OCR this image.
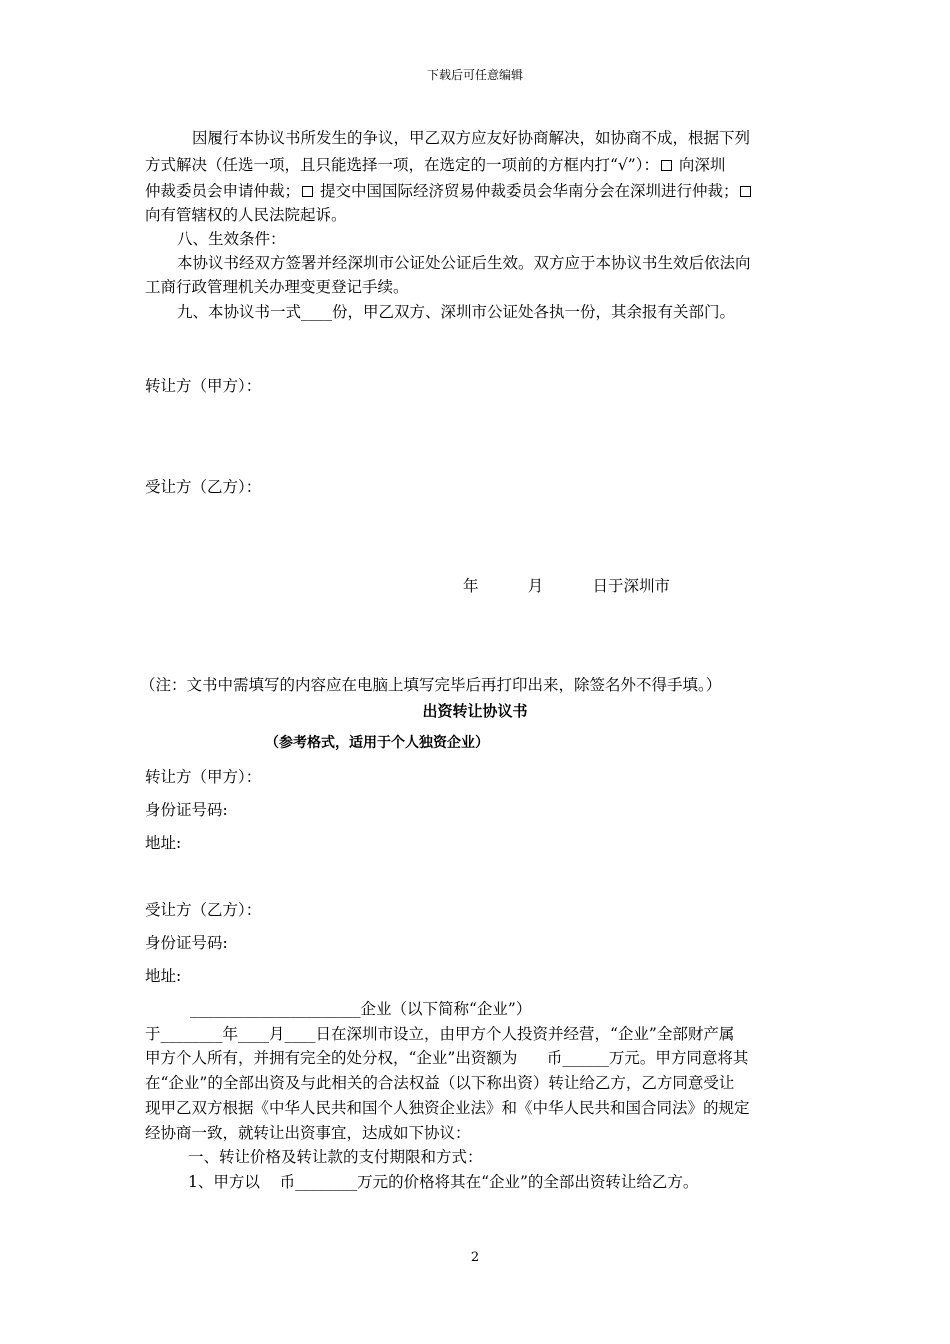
下载后可任意编辑
因履行本协议书所发生的争议，甲乙双方应友好协商解决，如协商不成，根据下列
方式解决（任选一项，且只能选择一项，在选定的一项前的方框内打“√”）： 向深圳
仲裁委员会申请仲裁； 提交中国国际经济贸易仲裁委员会华南分会在深圳进行仲裁；
向有管辖权的人民法院起诉。
八、生效条件：
本协议书经双方签署并经深圳市公证处公证后生效。双方应于本协议书生效后依法向
工商行政管理机关办理变更登记手续。
九、本协议书一式____份，甲乙双方、深圳市公证处各执一份，其余报有关部门。
转让方（甲方）：
受让方（乙方）：
年          月          日于深圳市
（注：文书中需填写的内容应在电脑上填写完毕后再打印出来，除签名外不得手填。）
出资转让协议书
（参考格式，适用于个人独资企业）
转让方（甲方）：
身份证号码:
地址:
受让方（乙方）：
身份证号码:
地址:
______________________企业（以下简称“企业”）
于________年____月____日在深圳市设立，由甲方个人投资并经营，“企业”全部财产属
甲方个人所有，并拥有完全的处分权，“企业”出资额为      币______万元。甲方同意将其
在“企业”的全部出资及与此相关的合法权益（以下称出资）转让给乙方，乙方同意受让
现甲乙双方根据《中华人民共和国个人独资企业法》和《中华人民共和国合同法》的规定
经协商一致，就转让出资事宜，达成如下协议：
一、转让价格及转让款的支付期限和方式：
1、甲方以    币________万元的价格将其在“企业”的全部出资转让给乙方。
2
